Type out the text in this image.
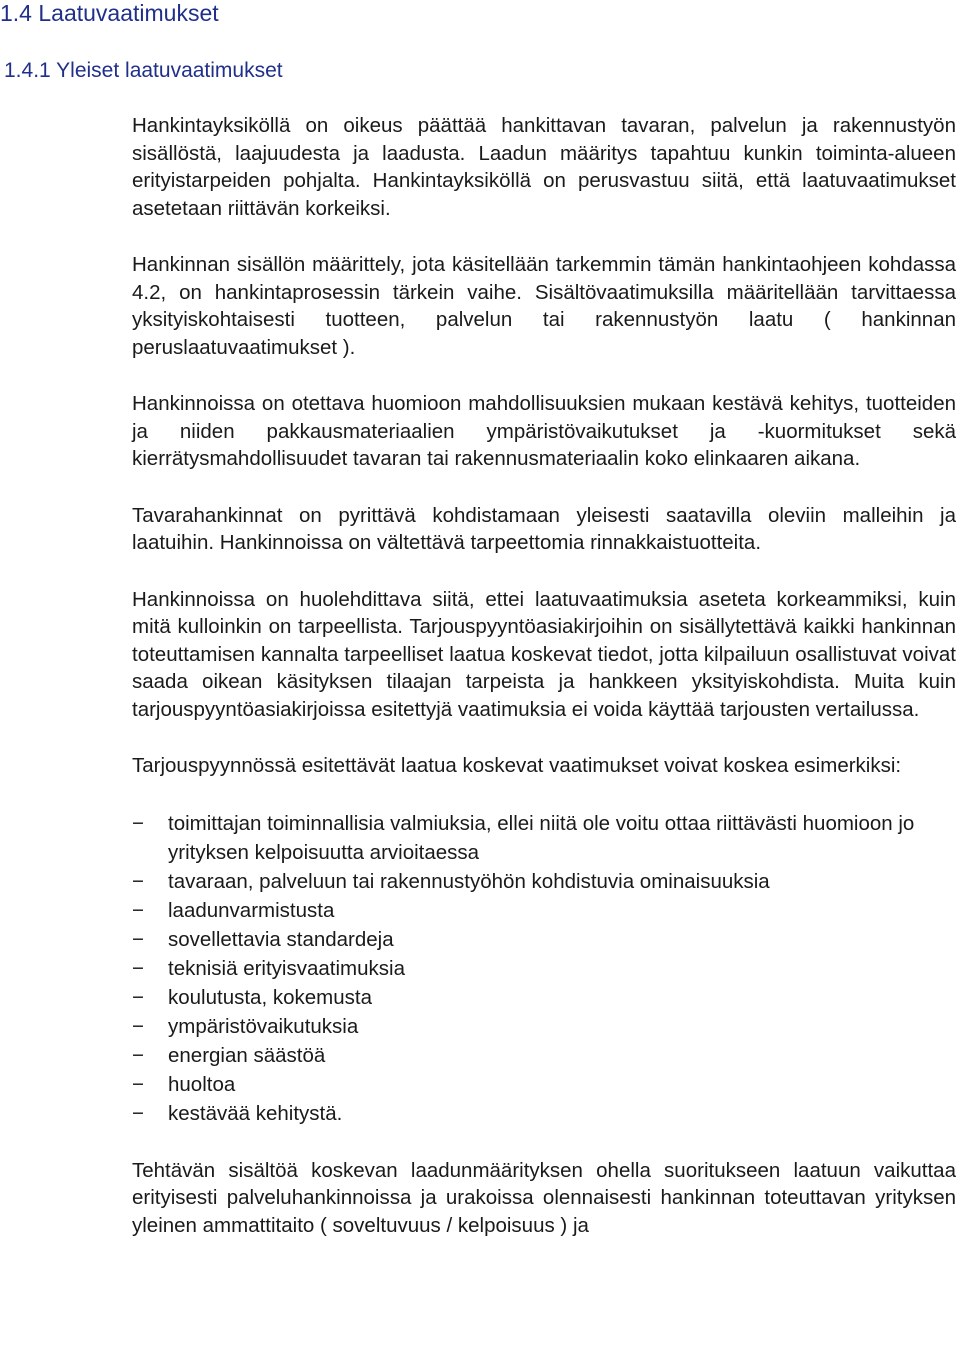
1.4 Laatuvaatimukset
1.4.1 Yleiset laatuvaatimukset

Hankintayksiköllä on oikeus päättää hankittavan tavaran, palvelun ja rakennustyön sisällöstä, laajuudesta ja laadusta. Laadun määritys tapahtuu kunkin toiminta-alueen erityistarpeiden pohjalta. Hankintayksiköllä on perusvastuu siitä, että laatuvaatimukset asetetaan riittävän korkeiksi.

Hankinnan sisällön määrittely, jota käsitellään tarkemmin tämän hankintaohjeen kohdassa 4.2, on hankintaprosessin tärkein vaihe. Sisältövaatimuksilla määritellään tarvittaessa yksityiskohtaisesti tuotteen, palvelun tai rakennustyön laatu ( hankinnan peruslaatuvaatimukset ).

Hankinnoissa on otettava huomioon mahdollisuuksien mukaan kestävä kehitys, tuotteiden ja niiden pakkausmateriaalien ympäristövaikutukset ja -kuormitukset sekä kierrätysmahdollisuudet tavaran tai rakennusmateriaalin koko elinkaaren aikana.

Tavarahankinnat on pyrittävä kohdistamaan yleisesti saatavilla oleviin malleihin ja laatuihin. Hankinnoissa on vältettävä tarpeettomia rinnakkaistuotteita.

Hankinnoissa on huolehdittava siitä, ettei laatuvaatimuksia aseteta korkeammiksi, kuin mitä kulloinkin on tarpeellista. Tarjouspyyntöasiakirjoihin on sisällytettävä kaikki hankinnan toteuttamisen kannalta tarpeelliset laatua koskevat tiedot, jotta kilpailuun osallistuvat voivat saada oikean käsityksen tilaajan tarpeista ja hankkeen yksityiskohdista. Muita kuin tarjouspyyntöasiakirjoissa esitettyjä vaatimuksia ei voida käyttää tarjousten vertailussa.

Tarjouspyynnössä esitettävät laatua koskevat vaatimukset voivat koskea esimerkiksi:

− toimittajan toiminnallisia valmiuksia, ellei niitä ole voitu ottaa riittävästi huomioon jo yrityksen kelpoisuutta arvioitaessa
− tavaraan, palveluun tai rakennustyöhön kohdistuvia ominaisuuksia
− laadunvarmistusta
− sovellettavia standardeja
− teknisiä erityisvaatimuksia
− koulutusta, kokemusta
− ympäristövaikutuksia
− energian säästöä
− huoltoa
− kestävää kehitystä.

Tehtävän sisältöä koskevan laadunmäärityksen ohella suoritukseen laatuun vaikuttaa erityisesti palveluhankinnoissa ja urakoissa olennaisesti hankinnan toteuttavan yrityksen yleinen ammattitaito ( soveltuvuus / kelpoisuus ) ja
